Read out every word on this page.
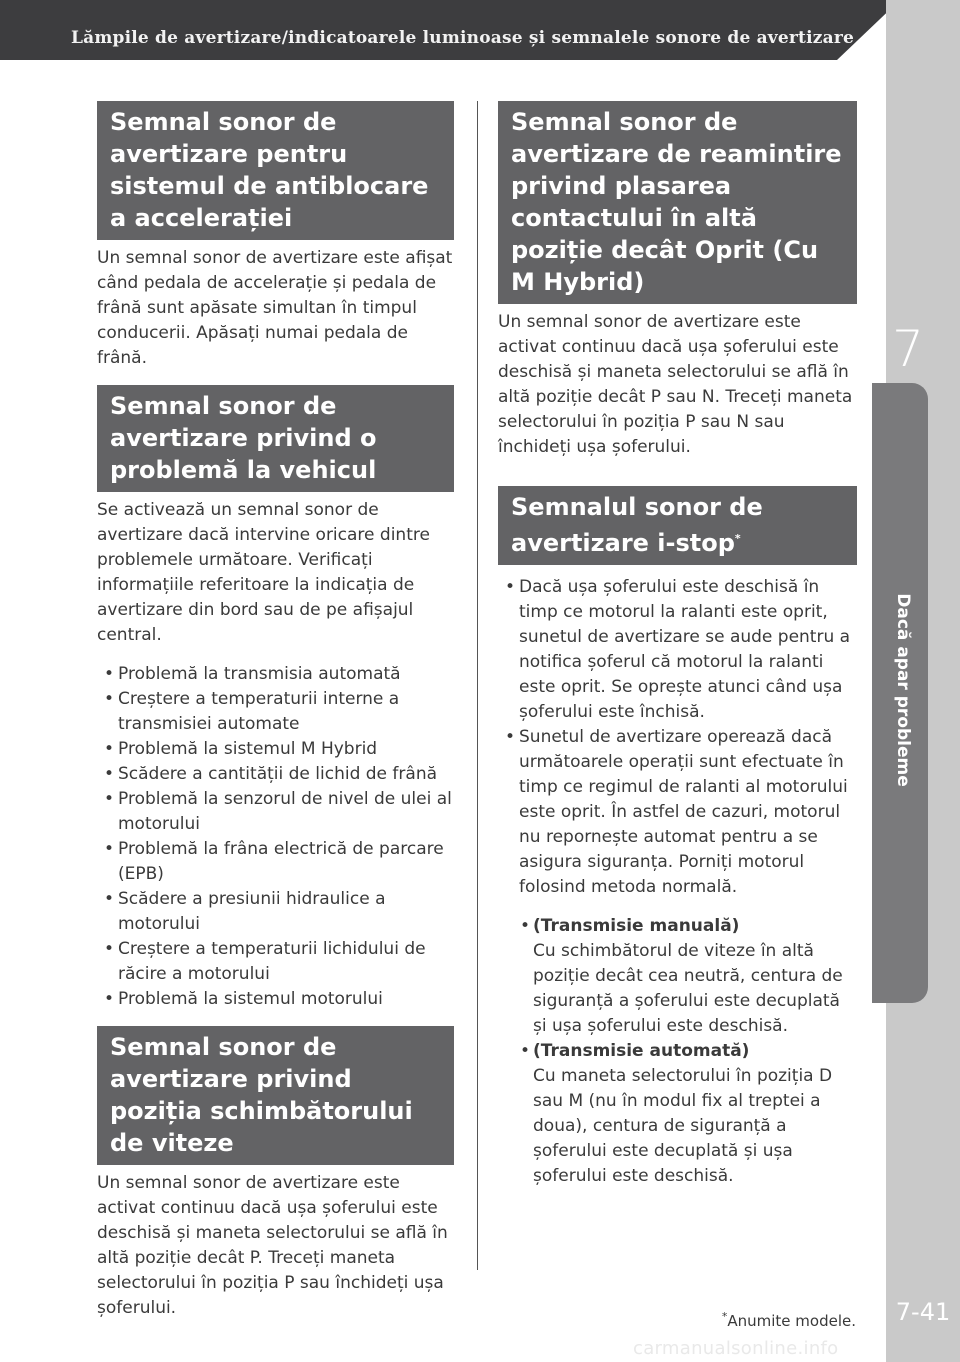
Lămpile de avertizare/indicatoarele luminoase și semnalele sonore de avertizare
7
Dacă apar probleme
7-41
Semnal sonor de avertizare pentru sistemul de antiblocare a accelerației

Un semnal sonor de avertizare este afișat când pedala de accelerație și pedala de frână sunt apăsate simultan în timpul conducerii. Apăsați numai pedala de frână.

Semnal sonor de avertizare privind o problemă la vehicul

Se activează un semnal sonor de avertizare dacă intervine oricare dintre problemele următoare. Verificați informațiile referitoare la indicația de avertizare din bord sau de pe afișajul central.

• Problemă la transmisia automată
• Creștere a temperaturii interne a transmisiei automate
• Problemă la sistemul M Hybrid
• Scădere a cantității de lichid de frână
• Problemă la senzorul de nivel de ulei al motorului
• Problemă la frâna electrică de parcare (EPB)
• Scădere a presiunii hidraulice a motorului
• Creștere a temperaturii lichidului de răcire a motorului
• Problemă la sistemul motorului
Semnal sonor de avertizare privind poziția schimbătorului de viteze

Un semnal sonor de avertizare este activat continuu dacă ușa șoferului este deschisă și maneta selectorului se află în altă poziție decât P. Treceți maneta selectorului în poziția P sau închideți ușa șoferului.

Semnal sonor de avertizare de reamintire privind plasarea contactului în altă poziție decât Oprit (Cu M Hybrid)

Un semnal sonor de avertizare este activat continuu dacă ușa șoferului este deschisă și maneta selectorului se află în altă poziție decât P sau N. Treceți maneta selectorului în poziția P sau N sau închideți ușa șoferului.

Semnalul sonor de avertizare i-stop*
• Dacă ușa șoferului este deschisă în timp ce motorul la ralanti este oprit, sunetul de avertizare se aude pentru a notifica șoferul că motorul la ralanti este oprit. Se oprește atunci când ușa șoferului este închisă.
• Sunetul de avertizare operează dacă următoarele operații sunt efectuate în timp ce regimul de ralanti al motorului este oprit. În astfel de cazuri, motorul nu repornește automat pentru a se asigura siguranța. Porniți motorul folosind metoda normală.
• (Transmisie manuală)
Cu schimbătorul de viteze în altă poziție decât cea neutră, centura de siguranță a șoferului este decuplată și ușa șoferului este deschisă.
• (Transmisie automată)
Cu maneta selectorului în poziția D sau M (nu în modul fix al treptei a doua), centura de siguranță a șoferului este decuplată și ușa șoferului este deschisă.
*Anumite modele.
carmanualsonline.info
